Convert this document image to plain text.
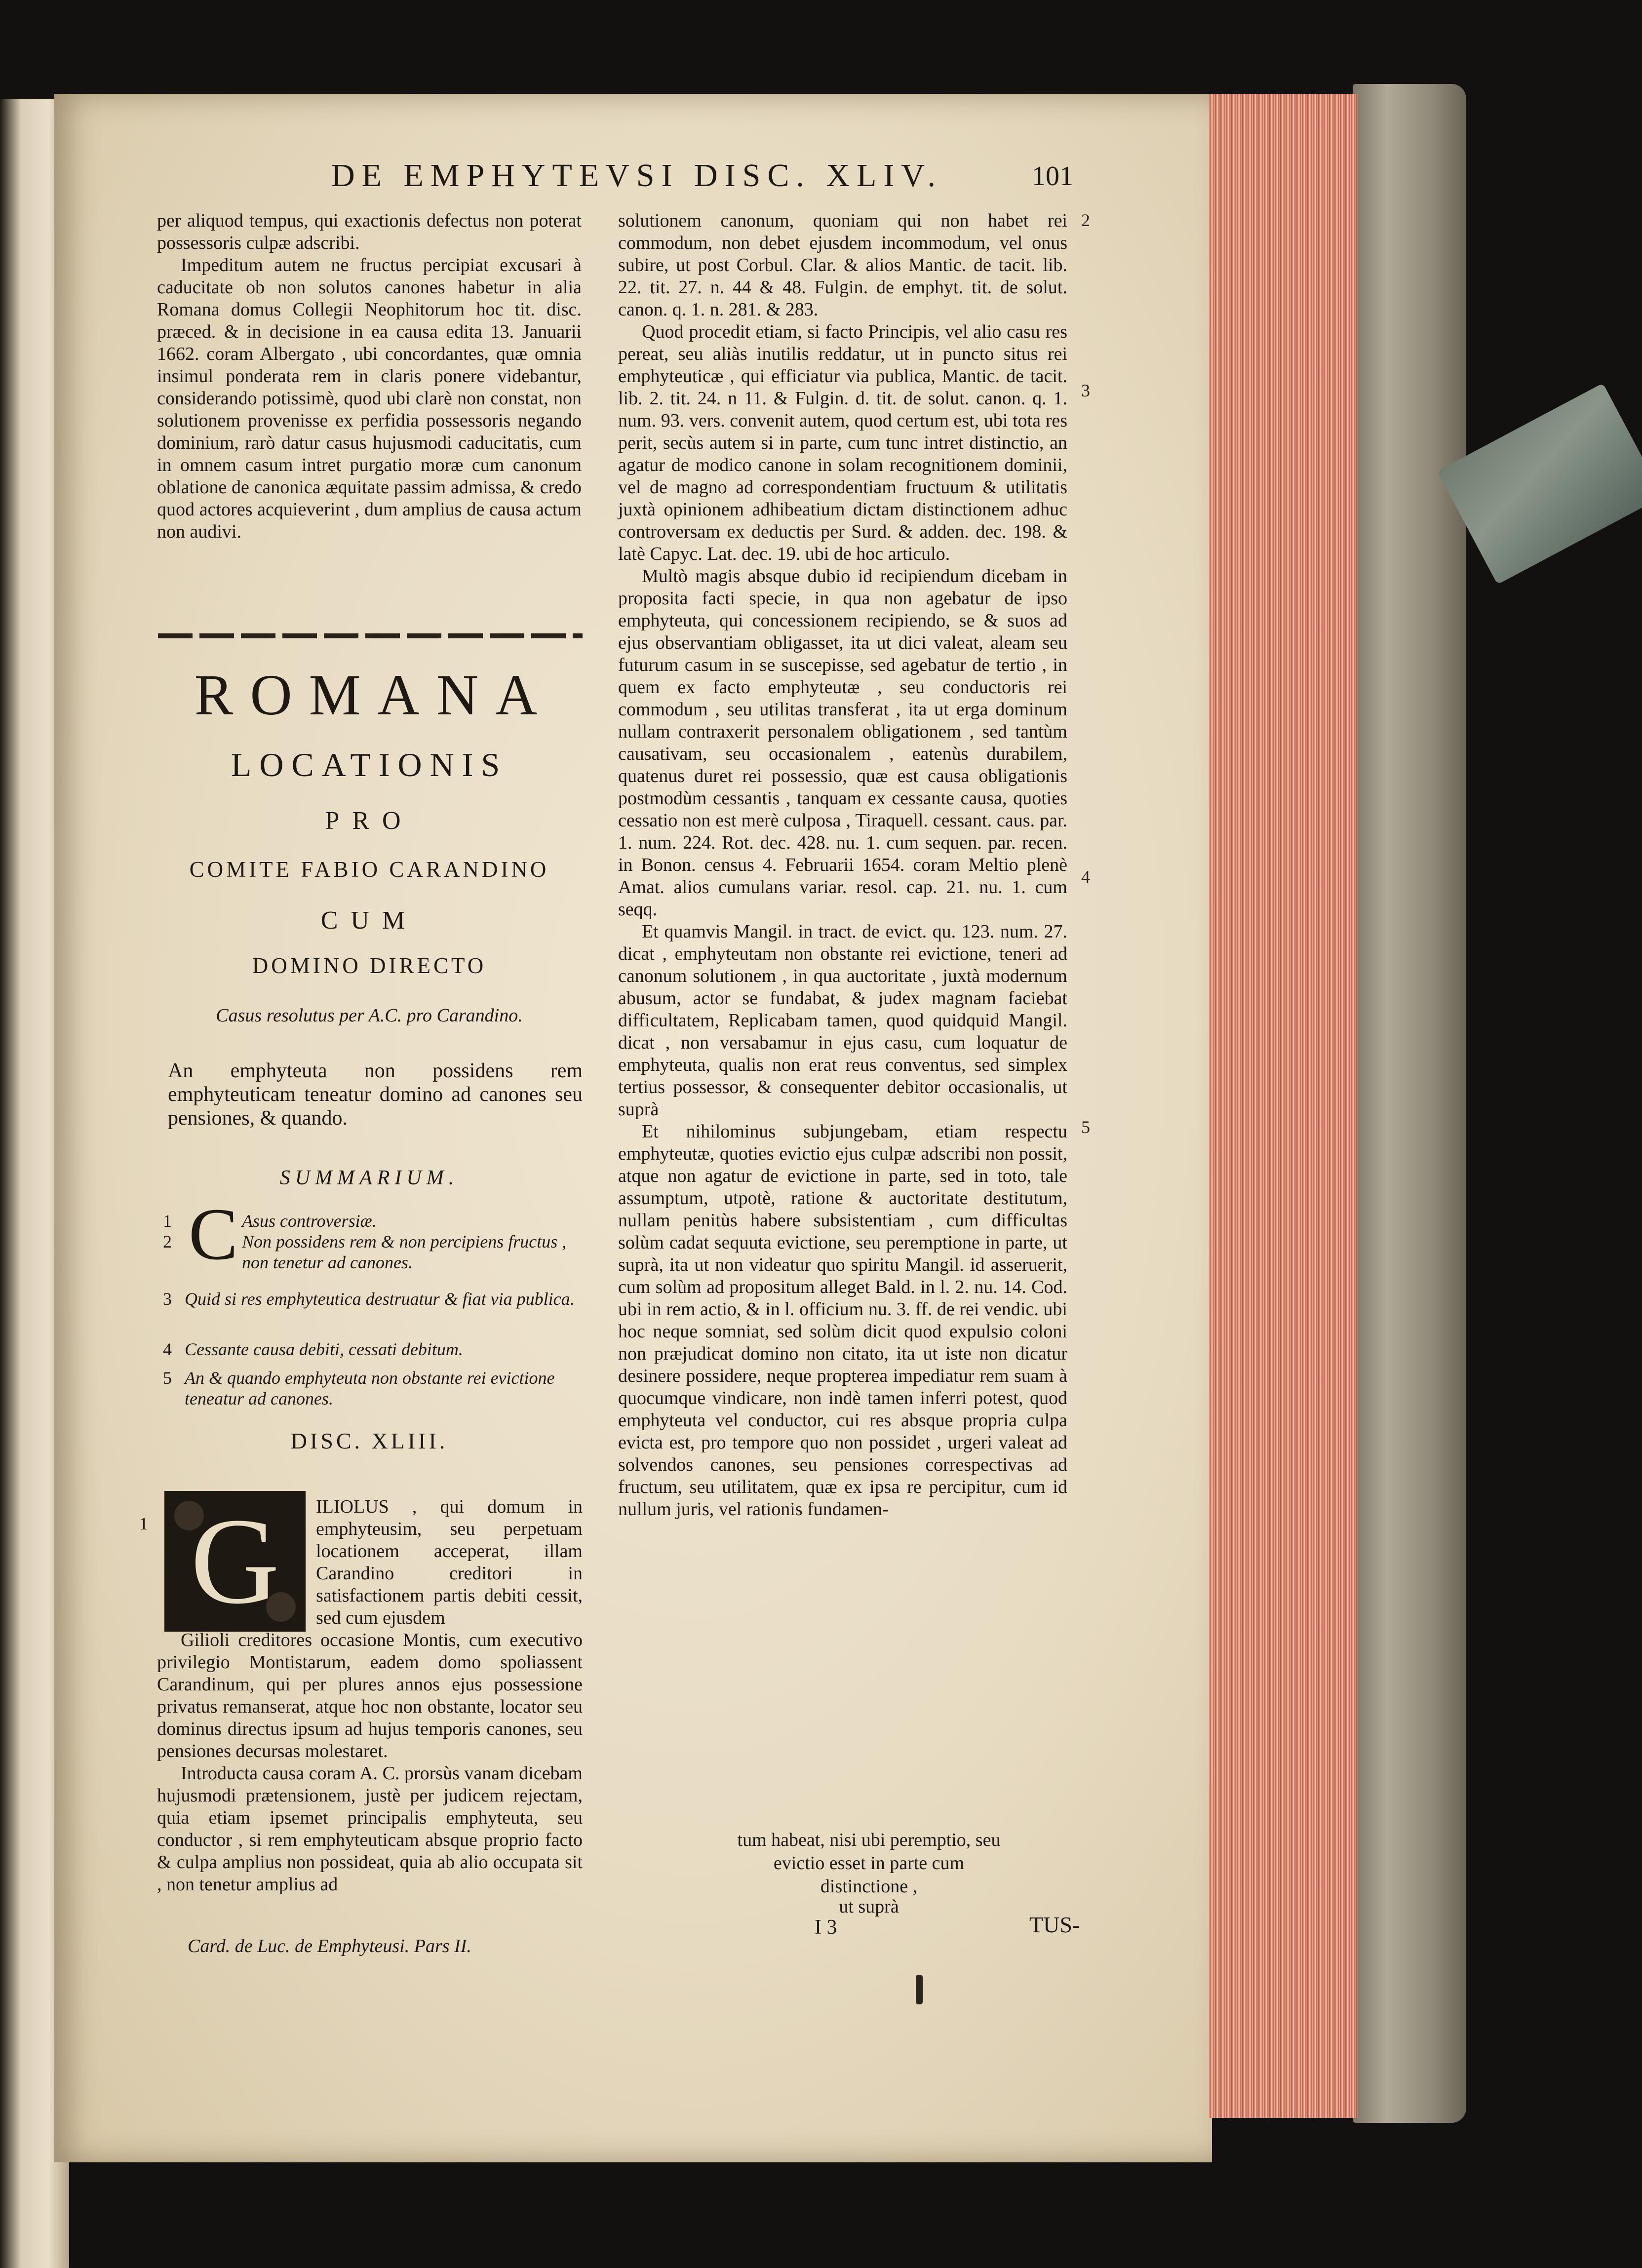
DE EMPHYTEVSI DISC. XLIV.	101

per aliquod tempus, qui exactionis defectus non poterat possessoris culpæ adscribi.

Impeditum autem ne fructus percipiat excusari à caducitate ob non solutos canones habetur in alia Romana domus Collegii Neophitorum hoc tit. disc. præced. & in decisione in ea causa edita 13. Januarii 1662. coram Albergato , ubi concordantes, quæ omnia insimul ponderata rem in claris ponere videbantur, considerando potissimè, quod ubi clarè non constat, non solutionem provenisse ex perfidia possessoris negando dominium, rarò datur casus hujusmodi caducitatis, cum in omnem casum intret purgatio moræ cum canonum oblatione de canonica æquitate passim admissa, & credo quod actores acquieverint , dum amplius de causa actum non audivi.

ROMANA
LOCATIONIS
PRO
COMITE FABIO CARANDINO
CUM
DOMINO DIRECTO
Casus resolutus per A.C. pro Carandino.
An emphyteuta non possidens rem emphyteuticam teneatur domino ad canones seu pensiones, & quando.
SUMMARIUM.
C
1	Asus controversiæ.
2	Non possidens rem & non percipiens fructus , non tenetur ad canones.
3 Quid si res emphyteutica destruatur & fiat via publica.
4 Cessante causa debiti, cessati debitum.
5 An & quando emphyteuta non obstante rei evictione teneatur ad canones.
DISC. XLIII.
1 G	ILIOLUS , qui domum in emphyteusim, seu perpetuam locationem acceperat, illam Carandino creditori in satisfactionem partis debiti cessit, sed cum ejusdem

Gilioli creditores occasione Montis, cum executivo privilegio Montistarum, eadem domo spoliassent Carandinum, qui per plures annos ejus possessione privatus remanserat, atque hoc non obstante, locator seu dominus directus ipsum ad hujus temporis canones, seu pensiones decursas molestaret.

Introducta causa coram A. C. prorsùs vanam dicebam hujusmodi prætensionem, justè per judicem rejectam, quia etiam ipsemet principalis emphyteuta, seu conductor , si rem emphyteuticam absque proprio facto & culpa amplius non possideat, quia ab alio occupata sit , non tenetur amplius ad

Card. de Luc. de Emphyteusi. Pars II.

solutionem canonum, quoniam qui non habet rei commodum, non debet ejusdem incommodum, vel onus subire, ut post Corbul. Clar. & alios Mantic. de tacit. lib. 22. tit. 27. n. 44 & 48. Fulgin. de emphyt. tit. de solut. canon. q. 1. n. 281. & 283.

Quod procedit etiam, si facto Principis, vel alio casu res pereat, seu aliàs inutilis reddatur, ut in puncto situs rei emphyteuticæ , qui efficiatur via publica, Mantic. de tacit. lib. 2. tit. 24. n 11. & Fulgin. d. tit. de solut. canon. q. 1. num. 93. vers. convenit autem, quod certum est, ubi tota res perit, secùs autem si in parte, cum tunc intret distinctio, an agatur de modico canone in solam recognitionem dominii, vel de magno ad correspondentiam fructuum & utilitatis juxtà opinionem adhibeatium dictam distinctionem adhuc controversam ex deductis per Surd. & adden. dec. 198. & latè Capyc. Lat. dec. 19. ubi de hoc articulo.

Multò magis absque dubio id recipiendum dicebam in proposita facti specie, in qua non agebatur de ipso emphyteuta, qui concessionem recipiendo, se & suos ad ejus observantiam obligasset, ita ut dici valeat, aleam seu futurum casum in se suscepisse, sed agebatur de tertio , in quem ex facto emphyteutæ , seu conductoris rei commodum , seu utilitas transferat , ita ut erga dominum nullam contraxerit personalem obligationem , sed tantùm causativam, seu occasionalem , eatenùs durabilem, quatenus duret rei possessio, quæ est causa obligationis postmodùm cessantis , tanquam ex cessante causa, quoties cessatio non est merè culposa , Tiraquell. cessant. caus. par. 1. num. 224. Rot. dec. 428. nu. 1. cum sequen. par. recen. in Bonon. census 4. Februarii 1654. coram Meltio plenè Amat. alios cumulans variar. resol. cap. 21. nu. 1. cum seqq.

Et quamvis Mangil. in tract. de evict. qu. 123. num. 27. dicat , emphyteutam non obstante rei evictione, teneri ad canonum solutionem , in qua auctoritate , juxtà modernum abusum, actor se fundabat, & judex magnam faciebat difficultatem, Replicabam tamen, quod quidquid Mangil. dicat , non versabamur in ejus casu, cum loquatur de emphyteuta, qualis non erat reus conventus, sed simplex tertius possessor, & consequenter debitor occasionalis, ut suprà

Et nihilominus subjungebam, etiam respectu emphyteutæ, quoties evictio ejus culpæ adscribi non possit, atque non agatur de evictione in parte, sed in toto, tale assumptum, utpotè, ratione & auctoritate destitutum, nullam penitùs habere subsistentiam , cum difficultas solùm cadat sequuta evictione, seu peremptione in parte, ut suprà, ita ut non videatur quo spiritu Mangil. id asseruerit, cum solùm ad propositum alleget Bald. in l. 2. nu. 14. Cod. ubi in rem actio, & in l. officium nu. 3. ff. de rei vendic. ubi hoc neque somniat, sed solùm dicit quod expulsio coloni non præjudicat domino non citato, ita ut iste non dicatur desinere possidere, neque propterea impediatur rem suam à quocumque vindicare, non indè tamen inferri potest, quod emphyteuta vel conductor, cui res absque propria culpa evicta est, pro tempore quo non possidet , urgeri valeat ad solvendos canones, seu pensiones correspectivas ad fructum, seu utilitatem, quæ ex ipsa re percipitur, cum id nullum juris, vel rationis fundamen-

tum habeat, nisi ubi peremptio, seu
evictio esset in parte cum
distinctione ,
ut suprà
2
3
4
5
I 3	TUS-
